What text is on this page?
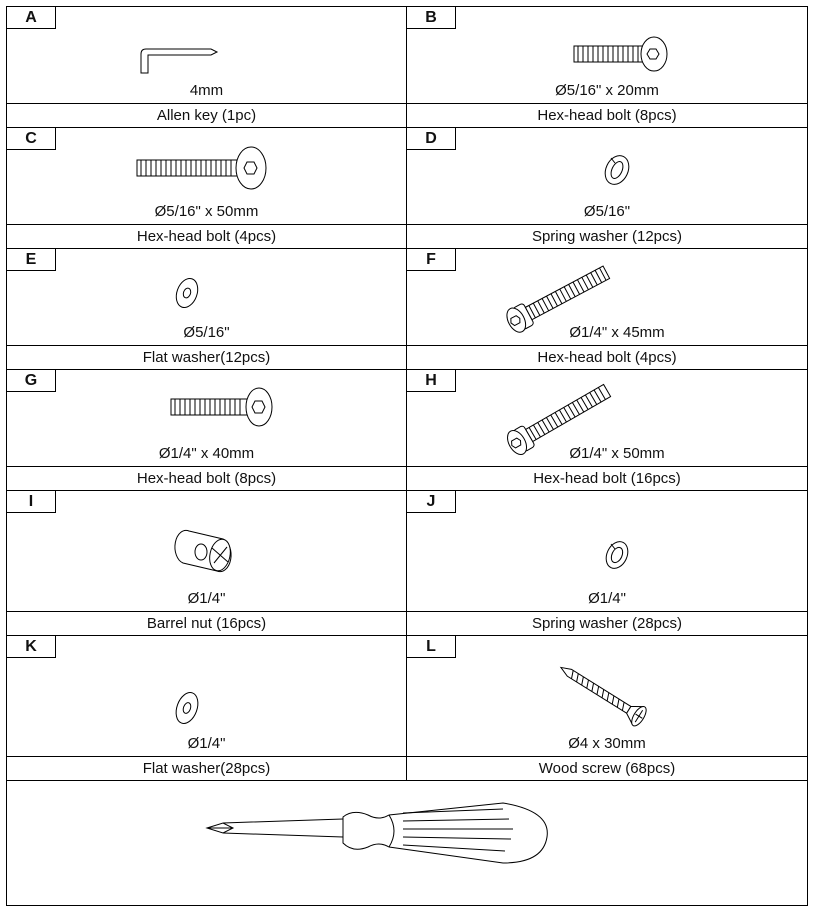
A
4mm
Allen key (1pc)
B
Ø5/16" x 20mm
Hex-head bolt (8pcs)
C
Ø5/16" x 50mm
Hex-head bolt (4pcs)
D
Ø5/16"
Spring washer (12pcs)
E
Ø5/16"
Flat washer(12pcs)
F
Ø1/4" x 45mm
Hex-head bolt (4pcs)
G
Ø1/4" x 40mm
Hex-head bolt (8pcs)
H
Ø1/4" x 50mm
Hex-head bolt (16pcs)
I
Ø1/4"
Barrel nut (16pcs)
J
Ø1/4"
Spring washer (28pcs)
K
Ø1/4"
Flat washer(28pcs)
L
Ø4 x 30mm
Wood screw (68pcs)
